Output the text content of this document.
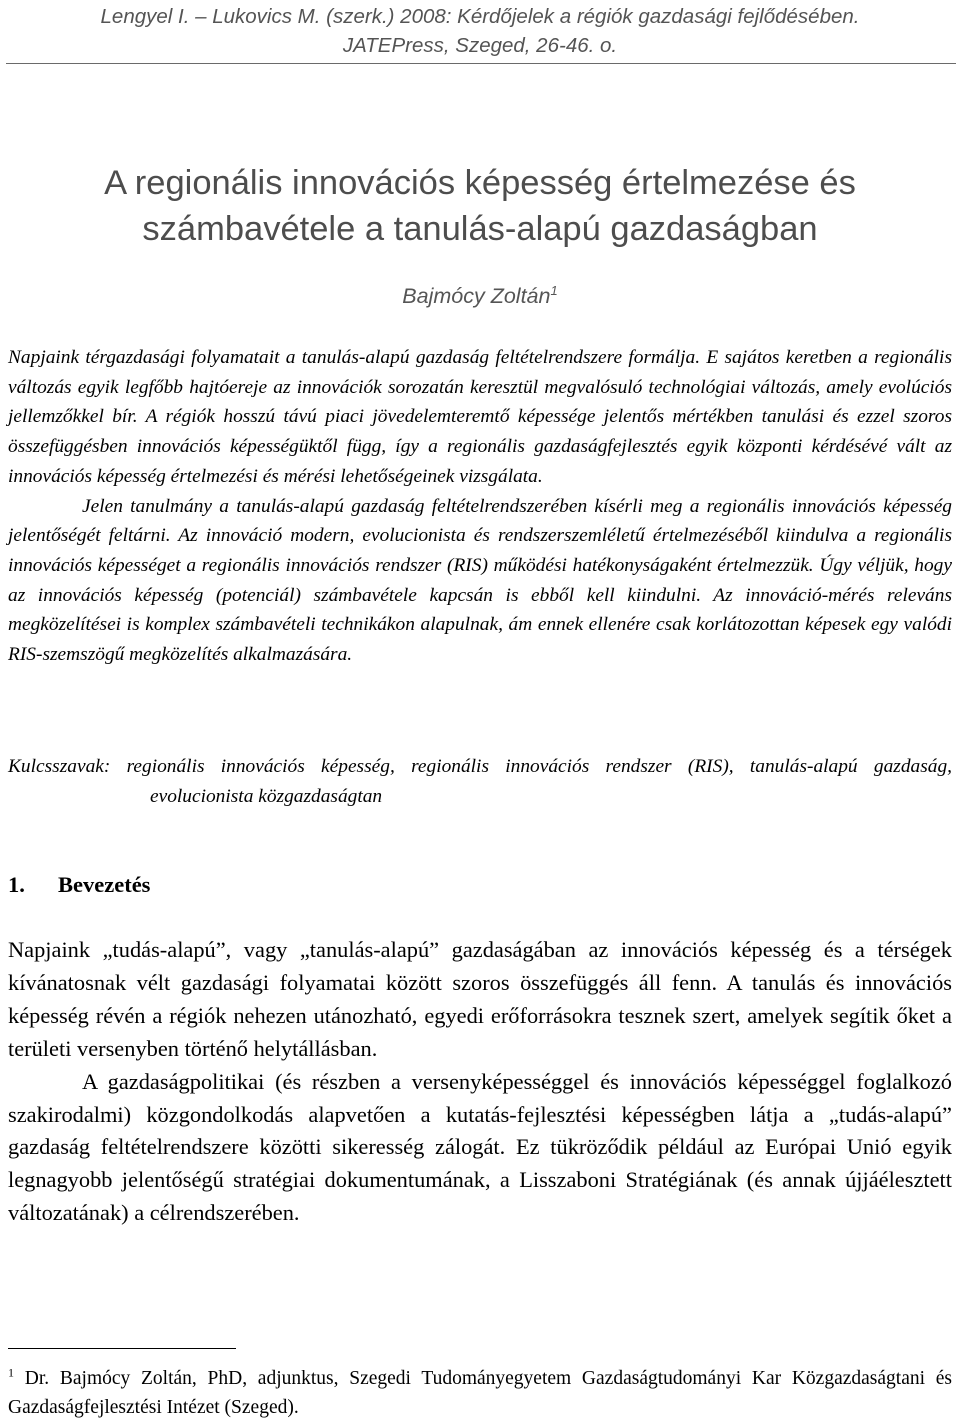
Lengyel I. – Lukovics M. (szerk.) 2008: Kérdőjelek a régiók gazdasági fejlődésében.
JATEPress, Szeged, 26-46. o.
A regionális innovációs képesség értelmezése és
számbavétele a tanulás-alapú gazdaságban
Bajmócy Zoltán$^1$

Napjaink térgazdasági folyamatait a tanulás-alapú gazdaság feltételrendszere formálja. E sajátos keretben a regionális változás egyik legfőbb hajtóereje az innovációk sorozatán keresztül megvalósuló technológiai változás, amely evolúciós jellemzőkkel bír. A régiók hosszú távú piaci jövedelemteremtő képessége jelentős mértékben tanulási és ezzel szoros összefüggésben innovációs képességüktől függ, így a regionális gazdaságfejlesztés egyik központi kérdésévé vált az innovációs képesség értelmezési és mérési lehetőségeinek vizsgálata.

Jelen tanulmány a tanulás-alapú gazdaság feltételrendszerében kísérli meg a regionális innovációs képesség jelentőségét feltárni. Az innováció modern, evolucionista és rendszerszemléletű értelmezéséből kiindulva a regionális innovációs képességet a regionális innovációs rendszer (RIS) működési hatékonyságaként értelmezzük. Úgy véljük, hogy az innovációs képesség (potenciál) számbavétele kapcsán is ebből kell kiindulni. Az innováció-mérés releváns megközelítései is komplex számbavételi technikákon alapulnak, ám ennek ellenére csak korlátozottan képesek egy valódi RIS-szemszögű megközelítés alkalmazására.

Kulcsszavak: regionális innovációs képesség, regionális innovációs rendszer (RIS), tanulás-alapú gazdaság, evolucionista közgazdaságtan
1. Bevezetés

Napjaink „tudás-alapú”, vagy „tanulás-alapú” gazdaságában az innovációs képesség és a térségek kívánatosnak vélt gazdasági folyamatai között szoros összefüggés áll fenn. A tanulás és innovációs képesség révén a régiók nehezen utánozható, egyedi erőforrásokra tesznek szert, amelyek segítik őket a területi versenyben történő helytállásban.

A gazdaságpolitikai (és részben a versenyképességgel és innovációs képességgel foglalkozó szakirodalmi) közgondolkodás alapvetően a kutatás-fejlesztési képességben látja a „tudás-alapú” gazdaság feltételrendszere közötti sikeresség zálogát. Ez tükröződik például az Európai Unió egyik legnagyobb jelentőségű stratégiai dokumentumának, a Lisszaboni Stratégiának (és annak újjáélesztett változatának) a célrendszerében.

$^1$ Dr. Bajmócy Zoltán, PhD, adjunktus, Szegedi Tudományegyetem Gazdaságtudományi Kar Közgazdaságtani és Gazdaságfejlesztési Intézet (Szeged).
